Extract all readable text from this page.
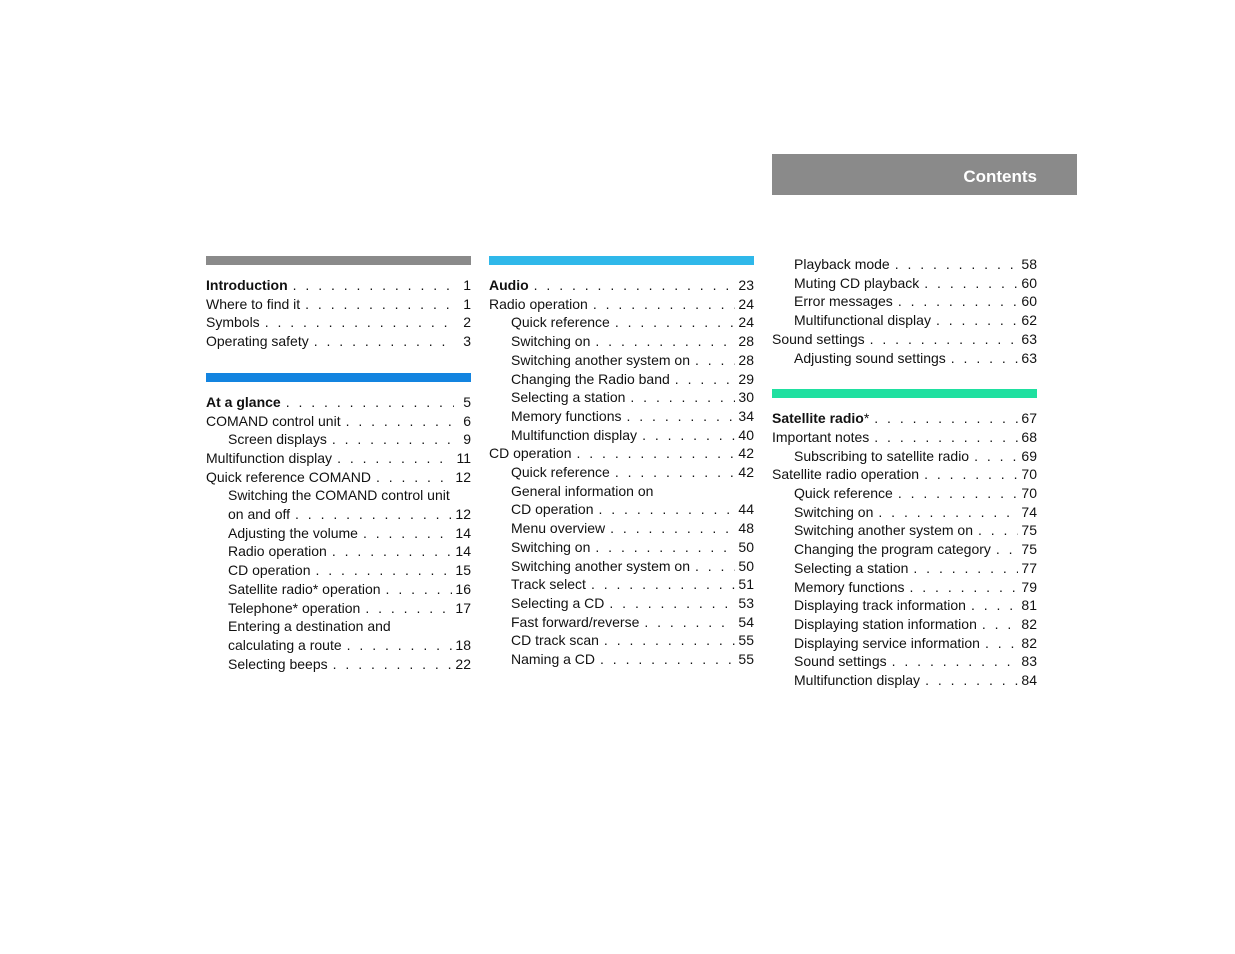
Contents
Introduction . . .	1
Where to find it . . .	1
Symbols . . .	2
Operating safety . . .	3
At a glance . . .	5
COMAND control unit . . .	6
Screen displays . . .	9
Multifunction display . . .	11
Quick reference COMAND . . .	12
Switching the COMAND control unit
on and off . . .	12
Adjusting the volume . . .	14
Radio operation . . .	14
CD operation . . .	15
Satellite radio* operation . . .	16
Telephone* operation . . .	17
Entering a destination and
calculating a route . . .	18
Selecting beeps . . .	22
Audio . . .	23
Radio operation . . .	24
Quick reference . . .	24
Switching on . . .	28
Switching another system on . . .	28
Changing the Radio band . . .	29
Selecting a station . . .	30
Memory functions . . .	34
Multifunction display . . .	40
CD operation . . .	42
Quick reference . . .	42
General information on
CD operation . . .	44
Menu overview . . .	48
Switching on . . .	50
Switching another system on . . .	50
Track select . . .	51
Selecting a CD . . .	53
Fast forward/reverse . . .	54
CD track scan . . .	55
Naming a CD . . .	55
Playback mode . . .	58
Muting CD playback . . .	60
Error messages . . .	60
Multifunctional display . . .	62
Sound settings . . .	63
Adjusting sound settings . . .	63
Satellite radio * . . .	67
Important notes . . .	68
Subscribing to satellite radio . . .	69
Satellite radio operation . . .	70
Quick reference . . .	70
Switching on . . .	74
Switching another system on . . .	75
Changing the program category . . . 75
Selecting a station . . .	77
Memory functions . . .	79
Displaying track information . . .	81
Displaying station information . . .	82
Displaying service information . . .	82
Sound settings . . .	83
Multifunction display . . .	84
